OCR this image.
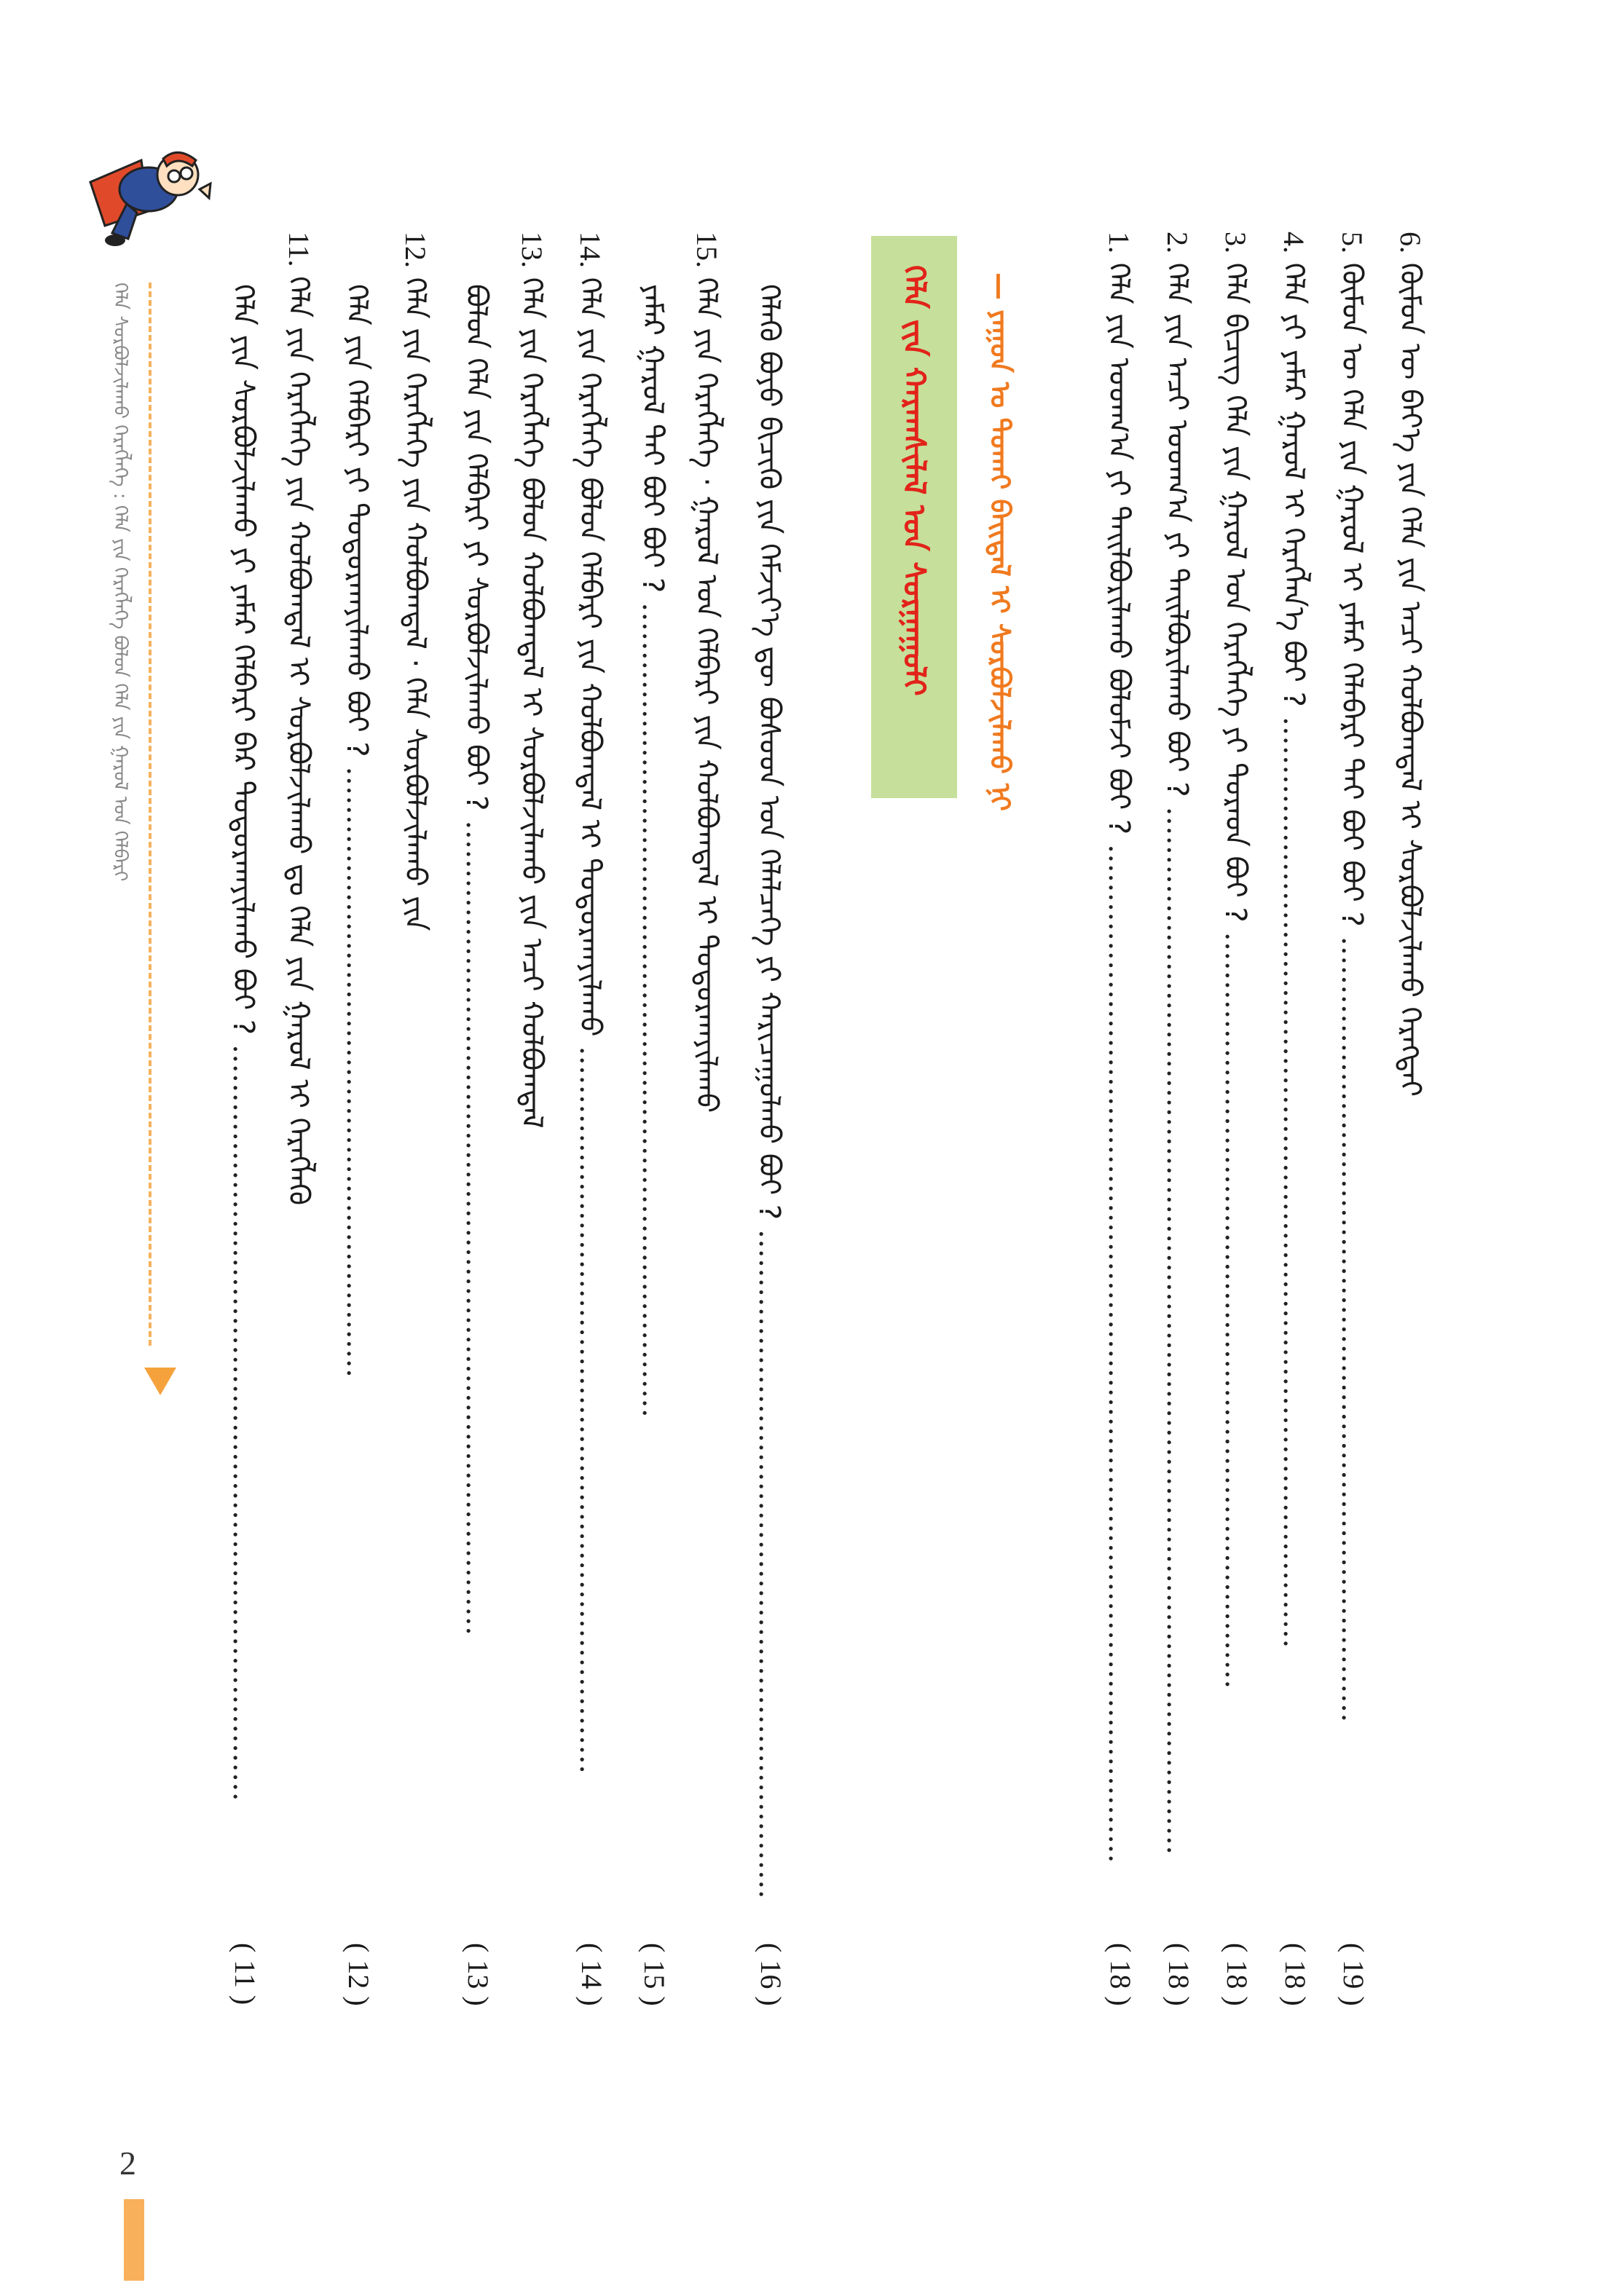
6. ᠬᠦᠮᠦᠨ ᠦ ᠪᠡᠶ᠎ᠡ ᠶᠢᠨ ᠬᠡᠯᠡ ᠶᠢᠨ ᠠᠴᠢ ᠬᠣᠯᠪᠤᠭᠳᠠᠯ ᠢ ᠰᠤᠷᠪᠤᠯᠵᠢᠯᠠᠬᠤ ᠬᠡᠷᠡᠭᠲᠡᠢ
5. ᠬᠦᠮᠦᠨ ᠦ ᠬᠡᠯᠡ ᠶᠢᠨ ᠭᠠᠷᠤᠯ ᠢ ᠶᠠᠮᠠᠷ ᠬᠡᠯᠡᠪᠡᠷᠢ ᠲᠠᠢ ᠪᠤᠢ ᠪᠤᠢ ? ………………………………………………………………………
( 19 )
4. ᠬᠡᠯᠡ ᠶᠢ ᠶᠠᠮᠠᠷ ᠭᠠᠷᠤᠯ ᠢ ᠬᠡᠷᠡᠭᠯᠡᠨ᠎ᠡ ᠪᠤᠢ ? ……………………………………………………………………………………
( 18 )
3. ᠬᠡᠯᠡ ᠪᠢᠴᠢᠭ ᠬᠡᠯᠡ ᠶᠢᠨ ᠭᠠᠷᠤᠯ ᠤᠨ ᠬᠡᠷᠡᠭᠯᠡᠭᠡ ᠶᠢ ᠳᠤᠷᠠᠳ ᠪᠤᠢ ? ……………………………………………………………………
( 18 )
2. ᠬᠡᠯᠡ ᠶᠢᠨ ᠠᠴᠢ ᠤᠳᠬ᠎ᠠ ᠶᠢ ᠲᠠᠢᠯᠪᠤᠷᠢᠯᠠᠬᠤ ᠪᠤᠢ ? ………………………………………………………………………………………………
( 18 )
1. ᠬᠡᠯᠡ ᠶᠢᠨ ᠤᠳᠬ᠎ᠠ ᠶᠢ ᠲᠠᠢᠯᠪᠤᠷᠢᠯᠠᠬᠤ ᠪᠣᠯᠤᠮᠵᠢ ᠪᠤᠢ ? ……………………………………………………………………………………………
( 18 )
— ᠶᠠᠭᠤᠨ ᠤ ᠲᠤᠬᠠᠢ ᠪᠠᠢᠳᠠᠯ ᠢ ᠰᠤᠷᠪᠤᠯᠵᠢᠯᠠᠬᠤ ᠨᠢ
ᠬᠡᠯᠡ ᠵᠢᠨ ᠬᠠᠷᠠᠭᠰᠢᠯᠠᠯ ᠤᠨ ᠰᠤᠷᠭᠠᠭᠤᠯᠢ
ᠬᠡᠯᠡᠬᠦ ᠪᠤᠶᠤ ᠪᠢᠴᠢᠬᠦ ᠶᠢᠨ ᠬᠡᠮᠵᠢᠶ᠎ᠡ ᠳᠦ ᠪᠤᠰᠤᠳ ᠤᠨ ᠬᠡᠯᠡᠯᠴᠡᠭᠡ ᠶᠢ ᠬᠠᠷᠢᠴᠠᠭᠤᠯᠬᠤ ᠪᠤᠢ ? ……………………………………………………………
( 16 )
15. ᠬᠡᠯᠡ ᠶᠢᠨ ᠬᠡᠷᠡᠭᠯᠡᠭᠡ · ᠭᠠᠷᠤᠯ ᠤᠨ ᠬᠡᠯᠪᠡᠷᠢ ᠶᠢᠨ ᠬᠣᠯᠪᠤᠭᠳᠠᠯ ᠢ ᠲᠣᠳᠤᠷᠬᠠᠶᠢᠯᠠᠬᠤ
ᠶᠠᠮᠠᠷ ᠭᠠᠷᠤᠯ ᠲᠠᠢ ᠪᠤᠢ ᠪᠤᠢ ? …………………………………………………………………………
( 15 )
14. ᠬᠡᠯᠡ ᠶᠢᠨ ᠬᠡᠷᠡᠭᠯᠡᠭᠡ ᠪᠣᠯᠣᠨ ᠬᠡᠯᠪᠡᠷᠢ ᠶᠢᠨ ᠬᠣᠯᠪᠤᠭᠳᠠᠯ ᠢ ᠲᠣᠳᠤᠷᠬᠠᠶᠢᠯᠠᠬᠤ …………………………………………………………………
( 14 )
13. ᠬᠡᠯᠡ ᠶᠢᠨ ᠬᠡᠷᠡᠭᠯᠡᠭᠡ ᠪᠣᠯᠣᠨ ᠬᠣᠯᠪᠤᠭᠳᠠᠯ ᠢ ᠰᠤᠷᠪᠤᠯᠵᠢᠯᠠᠬᠤ ᠶᠢᠨ ᠠᠴᠢ ᠬᠣᠯᠪᠤᠭᠳᠠᠯ
ᠪᠣᠯᠣᠨ ᠬᠡᠯᠡ ᠶᠢᠨ ᠬᠡᠯᠪᠡᠷᠢ ᠶᠢ ᠰᠤᠷᠪᠤᠯᠵᠢᠯᠠᠬᠤ ᠪᠤᠢ ? …………………………………………………………………………
( 13 )
12. ᠬᠡᠯᠡ ᠶᠢᠨ ᠬᠡᠷᠡᠭᠯᠡᠭᠡ ᠶᠢᠨ ᠬᠣᠯᠪᠤᠭᠳᠠᠯ · ᠬᠡᠯᠡ ᠰᠤᠷᠪᠤᠯᠵᠢᠯᠠᠬᠤ ᠶᠢᠨ
ᠬᠡᠯᠡ ᠶᠢᠨ ᠬᠡᠯᠪᠡᠷᠢ ᠶᠢ ᠲᠣᠳᠤᠷᠬᠠᠶᠢᠯᠠᠬᠤ ᠪᠤᠢ ? ………………………………………………………
( 12 )
11. ᠬᠡᠯᠡ ᠶᠢᠨ ᠬᠡᠷᠡᠭᠯᠡᠭᠡ ᠶᠢᠨ ᠬᠣᠯᠪᠤᠭᠳᠠᠯ ᠢ ᠰᠤᠷᠪᠤᠯᠵᠢᠯᠠᠬᠤ ᠳᠤ ᠬᠡᠯᠡ ᠶᠢᠨ ᠭᠠᠷᠤᠯ ᠢ ᠬᠡᠷᠡᠭᠯᠡᠬᠦ
ᠬᠡᠯᠡ ᠶᠢᠨ ᠰᠤᠷᠪᠤᠯᠵᠢᠯᠠᠬᠤ ᠶᠢ ᠶᠠᠮᠠᠷ ᠬᠡᠯᠪᠡᠷᠢ ᠪᠡᠷ ᠲᠣᠳᠤᠷᠬᠠᠶᠢᠯᠠᠬᠤ ᠪᠤᠢ ? ……………………………………………………………………
( 11 )
ᠬᠡᠯᠡ ᠰᠤᠷᠪᠤᠯᠵᠢᠯᠠᠬᠤ ᠬᠡᠷᠡᠭᠯᠡᠭᠡ : ᠬᠡᠯᠡ ᠶᠢᠨ ᠬᠡᠷᠡᠭᠯᠡᠭᠡ ᠪᠣᠯᠣᠨ ᠬᠡᠯᠡ ᠶᠢᠨ ᠭᠠᠷᠤᠯ ᠤᠨ ᠬᠡᠯᠪᠡᠷᠢ
2
